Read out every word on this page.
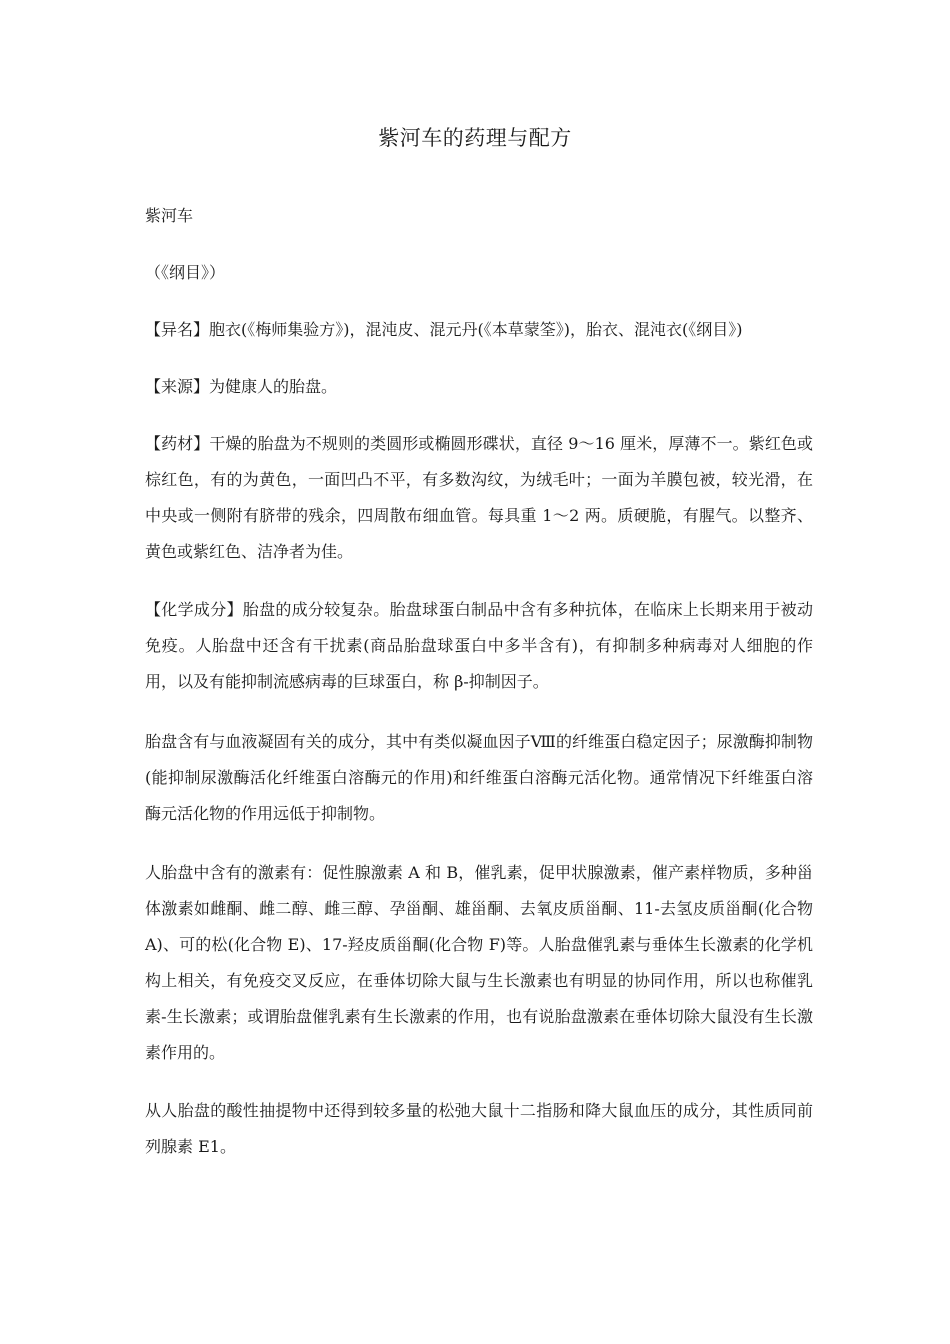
紫河车的药理与配方

紫河车

（《纲目》）

【异名】胞衣(《梅师集验方》)，混沌皮、混元丹(《本草蒙筌》)，胎衣、混沌衣(《纲目》)

【来源】为健康人的胎盘。

【药材】干燥的胎盘为不规则的类圆形或椭圆形碟状，直径 9～16 厘米，厚薄不一。紫红色或棕红色，有的为黄色，一面凹凸不平，有多数沟纹，为绒毛叶；一面为羊膜包被，较光滑，在中央或一侧附有脐带的残余，四周散布细血管。每具重 1～2 两。质硬脆，有腥气。以整齐、黄色或紫红色、洁净者为佳。

【化学成分】胎盘的成分较复杂。胎盘球蛋白制品中含有多种抗体，在临床上长期来用于被动免疫。人胎盘中还含有干扰素(商品胎盘球蛋白中多半含有)，有抑制多种病毒对人细胞的作用，以及有能抑制流感病毒的巨球蛋白，称 β-抑制因子。

胎盘含有与血液凝固有关的成分，其中有类似凝血因子Ⅷ的纤维蛋白稳定因子；尿激酶抑制物(能抑制尿激酶活化纤维蛋白溶酶元的作用)和纤维蛋白溶酶元活化物。通常情况下纤维蛋白溶酶元活化物的作用远低于抑制物。

人胎盘中含有的激素有：促性腺激素 A 和 B，催乳素，促甲状腺激素，催产素样物质，多种甾体激素如雌酮、雌二醇、雌三醇、孕甾酮、雄甾酮、去氧皮质甾酮、11-去氢皮质甾酮(化合物 A)、可的松(化合物 E)、17-羟皮质甾酮(化合物 F)等。人胎盘催乳素与垂体生长激素的化学机构上相关，有免疫交叉反应，在垂体切除大鼠与生长激素也有明显的协同作用，所以也称催乳素-生长激素；或谓胎盘催乳素有生长激素的作用，也有说胎盘激素在垂体切除大鼠没有生长激素作用的。

从人胎盘的酸性抽提物中还得到较多量的松弛大鼠十二指肠和降大鼠血压的成分，其性质同前列腺素 E1。
